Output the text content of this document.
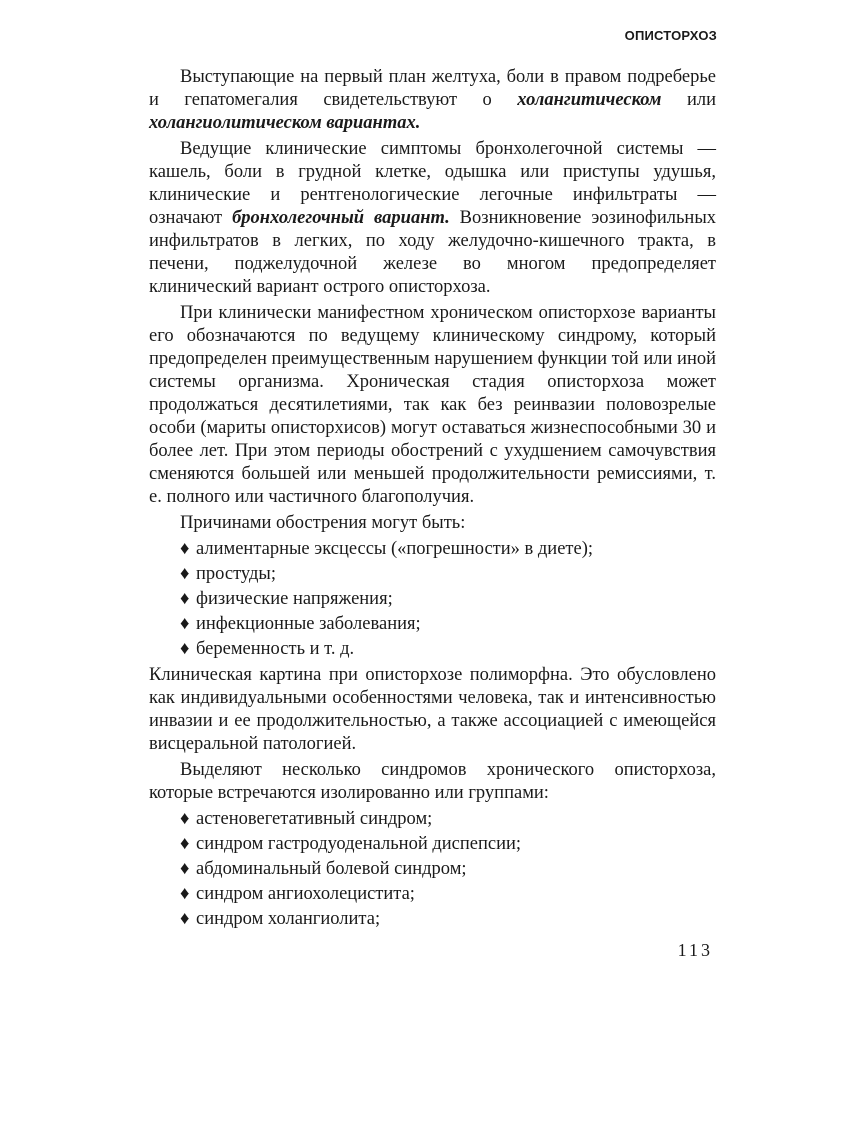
ОПИСТОРХОЗ

Выступающие на первый план желтуха, боли в правом подреберье и гепатомегалия свидетельствуют о холангитическом или холангиолитическом вариантах.

Ведущие клинические симптомы бронхолегочной системы — кашель, боли в грудной клетке, одышка или приступы удушья, клинические и рентгенологические легочные инфильтраты — означают бронхолегочный вариант. Возникновение эозинофильных инфильтратов в легких, по ходу желудочно-кишечного тракта, в печени, поджелудочной железе во многом предопределяет клинический вариант острого описторхоза.

При клинически манифестном хроническом описторхозе варианты его обозначаются по ведущему клиническому синдрому, который предопределен преимущественным нарушением функции той или иной системы организма. Хроническая стадия описторхоза может продолжаться десятилетиями, так как без реинвазии половозрелые особи (мариты описторхисов) могут оставаться жизнеспособными 30 и более лет. При этом периоды обострений с ухудшением самочувствия сменяются большей или меньшей продолжительности ремиссиями, т. е. полного или частичного благополучия.

Причинами обострения могут быть:

♦ алиментарные эксцессы («погрешности» в диете);
♦ простуды;
♦ физические напряжения;
♦ инфекционные заболевания;
♦ беременность и т. д.

Клиническая картина при описторхозе полиморфна. Это обусловлено как индивидуальными особенностями человека, так и интенсивностью инвазии и ее продолжительностью, а также ассоциацией с имеющейся висцеральной патологией.

Выделяют несколько синдромов хронического описторхоза, которые встречаются изолированно или группами:

♦ астеновегетативный синдром;
♦ синдром гастродуоденальной диспепсии;
♦ абдоминальный болевой синдром;
♦ синдром ангиохолецистита;
♦ синдром холангиолита;
113
